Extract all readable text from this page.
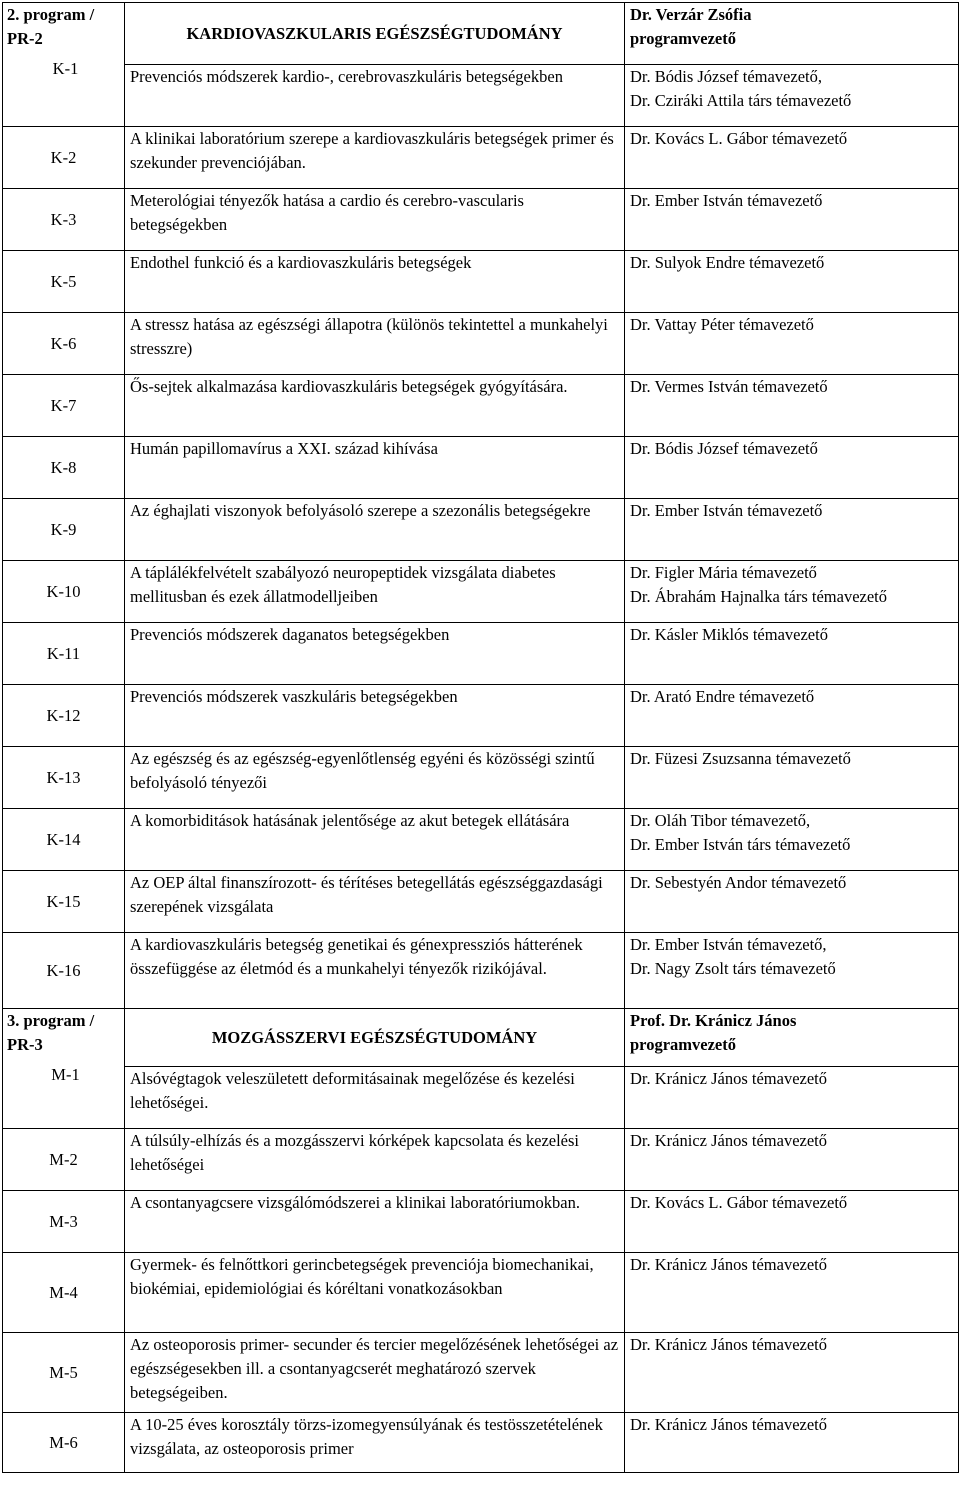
2. program /
PR-2
K-1	KARDIOVASZKULARIS EGÉSZSÉGTUDOMÁNY	Dr. Verzár Zsófia
programvezető

	Prevenciós módszerek kardio-, cerebrovaszkuláris betegségekben	Dr. Bódis József témavezető,
Dr. Cziráki Attila társ témavezető

K-2	A klinikai laboratórium szerepe a kardiovaszkuláris betegségek primer és szekunder prevenciójában.	Dr. Kovács L. Gábor témavezető

K-3	Meterológiai tényezők hatása a cardio és cerebro-vascularis betegségekben	Dr. Ember István témavezető

K-5	Endothel funkció és a kardiovaszkuláris betegségek	Dr. Sulyok Endre témavezető

K-6	A stressz hatása az egészségi állapotra (különös tekintettel a munkahelyi stresszre)	Dr. Vattay Péter témavezető

K-7	Ős-sejtek alkalmazása kardiovaszkuláris betegségek gyógyítására.	Dr. Vermes István témavezető

K-8	Humán papillomavírus a XXI. század kihívása	Dr. Bódis József témavezető

K-9	Az éghajlati viszonyok befolyásoló szerepe a szezonális betegségekre	Dr. Ember István témavezető

K-10	A táplálékfelvételt szabályozó neuropeptidek vizsgálata diabetes mellitusban és ezek állatmodelljeiben	Dr. Figler Mária témavezető
Dr. Ábrahám Hajnalka társ témavezető

K-11	Prevenciós módszerek daganatos betegségekben	Dr. Kásler Miklós témavezető

K-12	Prevenciós módszerek vaszkuláris betegségekben	Dr. Arató Endre témavezető

K-13	Az egészség és az egészség-egyenlőtlenség egyéni és közösségi szintű befolyásoló tényezői	Dr. Füzesi Zsuzsanna témavezető

K-14	A komorbiditások hatásának jelentősége az akut betegek ellátására	Dr. Oláh Tibor témavezető,
Dr. Ember István társ témavezető

K-15	Az OEP által finanszírozott- és térítéses betegellátás egészséggazdasági szerepének vizsgálata	Dr. Sebestyén Andor témavezető

K-16	A kardiovaszkuláris betegség genetikai és génexpressziós hátterének összefüggése az életmód és a munkahelyi tényezők rizikójával.	Dr. Ember István témavezető,
Dr. Nagy Zsolt társ témavezető

3. program /
PR-3
M-1	MOZGÁSSZERVI EGÉSZSÉGTUDOMÁNY	Prof. Dr. Kránicz János
programvezető

	Alsóvégtagok veleszületett deformitásainak megelőzése és kezelési lehetőségei.	Dr. Kránicz János témavezető

M-2	A túlsúly-elhízás és a mozgásszervi kórképek kapcsolata és kezelési lehetőségei	Dr. Kránicz János témavezető

M-3	A csontanyagcsere vizsgálómódszerei a klinikai laboratóriumokban.	Dr. Kovács L. Gábor témavezető

M-4	Gyermek- és felnőttkori gerincbetegségek prevenciója biomechanikai, biokémiai, epidemiológiai és kóréltani vonatkozásokban	Dr. Kránicz János témavezető

M-5	Az osteoporosis primer- secunder és tercier megelőzésének lehetőségei az egészségesekben ill. a csontanyagcserét meghatározó szervek betegségeiben.	Dr. Kránicz János témavezető

M-6	A 10-25 éves korosztály törzs-izomegyensúlyának és testösszetételének vizsgálata, az osteoporosis primer	Dr. Kránicz János témavezető
